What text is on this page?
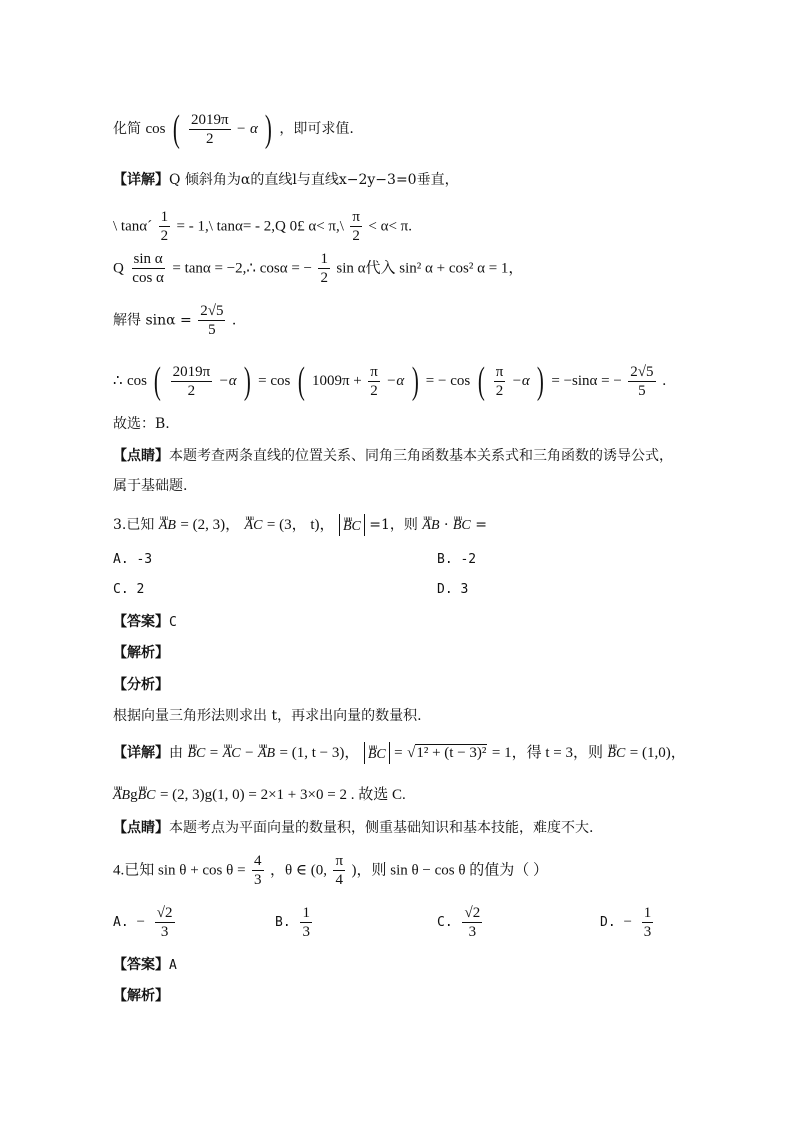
化简 cos ( $\frac{2019\pi}{2} - \alpha$ ) ，即可求值.
【详解】Q 倾斜角为α的直线l与直线x−2y−3=0垂直，
\ tanα´ $\frac{1}{2}$ = - 1,\ tanα= - 2,Q 0£ α< π,\ $\frac{\pi}{2} < \alpha< \pi$.
Q $\frac{\text{sin α}}{\text{cos α}} = \tan\alpha$ = −2,∴ cosα = − $\frac{1}{2}$ sin α代入 sin² α + cos² α = 1，
解得 $\sin\alpha = \frac{2√5}{5}$ .
∴ cos ( $\frac{2019\pi}{2} -\alpha$ ) = cos ( $1009\pi + \frac{\pi}{2} -\alpha$ ) = − cos ( $\frac{\pi}{2} -\alpha$ ) = −sinα = − $\frac{2√5}{5}$ .
故选：B.
【点睛】本题考查两条直线的位置关系、同角三角函数基本关系式和三角函数的诱导公式，
属于基础题.
3.已知 uuu AB = (2, 3)， uuu AC = (3， t)， uuu BC =1，则 uuu AB · uuu BC =
A. -3	B. -2
C. 2	D. 3
【答案】C
【解析】
【分析】
根据向量三角形法则求出 t，再求出向量的数量积.
【详解】由 uuu BC = uuu AC − uuu AB = (1, t − 3)， uuu BC = √1² + (t − 3)² = 1，得 t = 3，则 uuu BC = (1,0)，
uuu ABguuu BC = (2, 3)g(1, 0) = 2×1 + 3×0 = 2 . 故选 C.
【点睛】本题考点为平面向量的数量积，侧重基础知识和基本技能，难度不大.
4.已知 $\sin \theta + \cos \theta = \frac{4}{3}$ ，θ ∈ (0, $\frac{\pi}{4}$ )，则 sin θ − cos θ 的值为（ ）
A. − $\frac{√2}{3}$	B. $\frac{1}{3}$	C. $\frac{√2}{3}$	D. − $\frac{1}{3}$
【答案】A
【解析】
